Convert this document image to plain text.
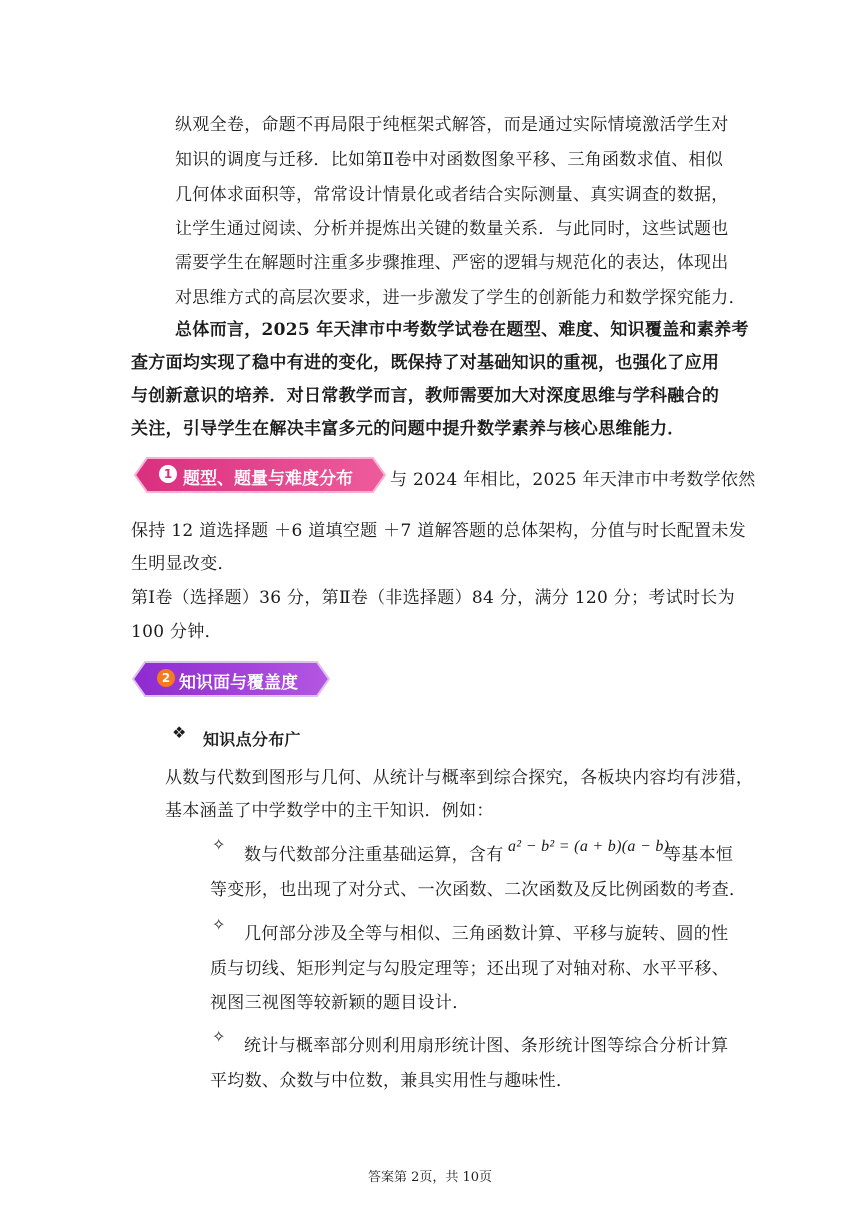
纵观全卷，命题不再局限于纯框架式解答，而是通过实际情境激活学生对
知识的调度与迁移．比如第Ⅱ卷中对函数图象平移、三角函数求值、相似
几何体求面积等，常常设计情景化或者结合实际测量、真实调查的数据，
让学生通过阅读、分析并提炼出关键的数量关系．与此同时，这些试题也
需要学生在解题时注重多步骤推理、严密的逻辑与规范化的表达，体现出
对思维方式的高层次要求，进一步激发了学生的创新能力和数学探究能力．
总体而言，2025 年天津市中考数学试卷在题型、难度、知识覆盖和素养考
查方面均实现了稳中有进的变化，既保持了对基础知识的重视，也强化了应用
与创新意识的培养．对日常教学而言，教师需要加大对深度思维与学科融合的
关注，引导学生在解决丰富多元的问题中提升数学素养与核心思维能力．
1 题型、题量与难度分布 与 2024 年相比，2025 年天津市中考数学依然
保持 12 道选择题 ＋6 道填空题 ＋7 道解答题的总体架构，分值与时长配置未发
生明显改变．
第Ⅰ卷（选择题）36 分，第Ⅱ卷（非选择题）84 分，满分 120 分；考试时长为
100 分钟．
2 知识面与覆盖度
❖ 知识点分布广
从数与代数到图形与几何、从统计与概率到综合探究，各板块内容均有涉猎，
基本涵盖了中学数学中的主干知识．例如：
✧
数与代数部分注重基础运算，含有 a² − b² = (a + b)(a − b)
等基本恒
等变形，也出现了对分式、一次函数、二次函数及反比例函数的考查．
✧ 几何部分涉及全等与相似、三角函数计算、平移与旋转、圆的性
质与切线、矩形判定与勾股定理等；还出现了对轴对称、水平平移、
视图三视图等较新颖的题目设计．
✧ 统计与概率部分则利用扇形统计图、条形统计图等综合分析计算
平均数、众数与中位数，兼具实用性与趣味性．
答案第 2页，共 10页
